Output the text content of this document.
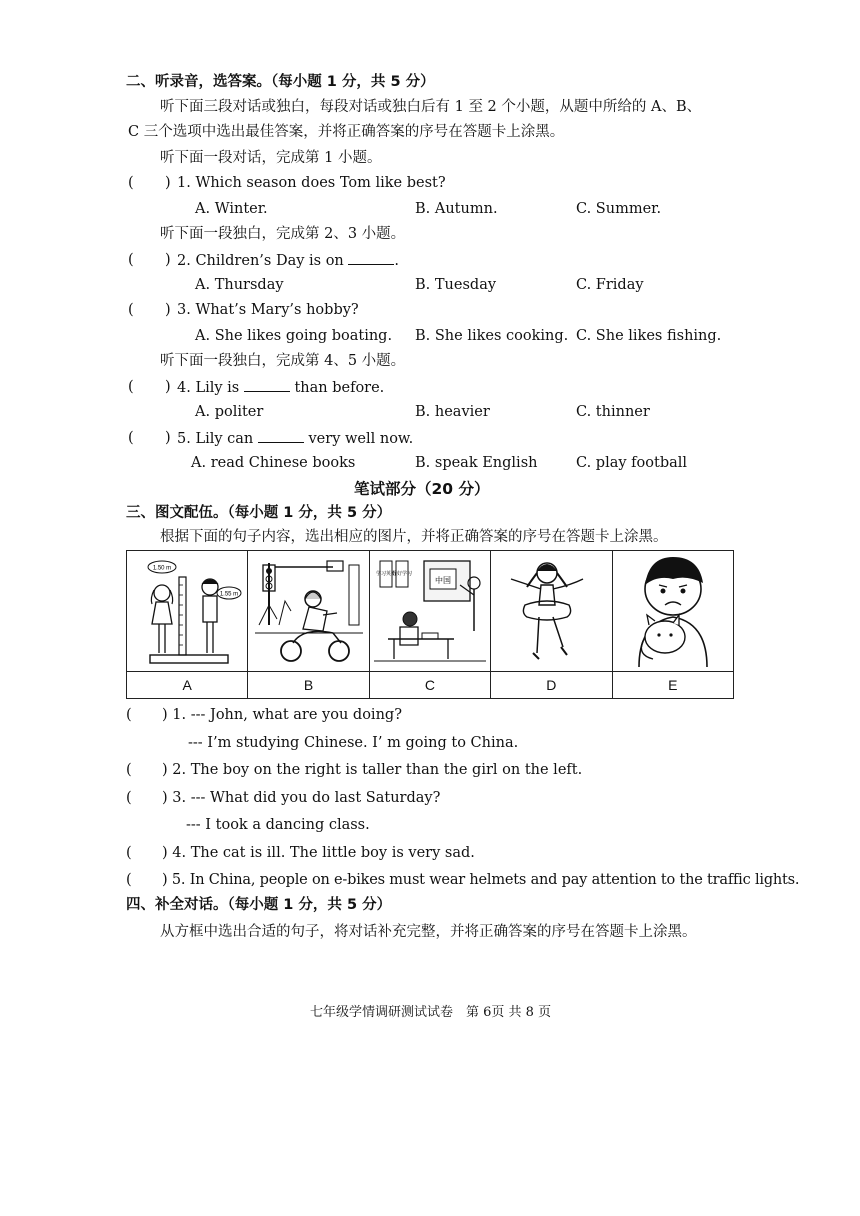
二、听录音，选答案。（每小题 1 分，共 5 分）
听下面三段对话或独白，每段对话或独白后有 1 至 2 个小题，从题中所给的 A、B、
C 三个选项中选出最佳答案，并将正确答案的序号在答题卡上涂黑。
听下面一段对话，完成第 1 小题。
( ) 1. Which season does Tom like best?
A. Winter.	B. Autumn.	C. Summer.
听下面一段独白，完成第 2、3 小题。
( ) 2. Children’s Day is on	.
A. Thursday	B. Tuesday	C. Friday
( ) 3. What’s Mary’s hobby?
A. She likes going boating. B. She likes cooking. C. She likes fishing.
听下面一段独白，完成第 4、5 小题。
( ) 4. Lily is	than before.
A. politer	B. heavier	C. thinner
( ) 5. Lily can	very well now.
A. read Chinese books	B. speak English	C. play football
笔试部分（20 分）
三、图文配伍。（每小题 1 分，共 5 分）
根据下面的句子内容，选出相应的图片，并将正确答案的序号在答题卡上涂黑。
1.50 m
1.55 m		学习英语
好好学习
中国

A	B	C	D	E
( ) 1. --- John, what are you doing?
--- I’m studying Chinese. I’ m going to China.
( ) 2. The boy on the right is taller than the girl on the left.
( ) 3. --- What did you do last Saturday?
--- I took a dancing class.
( ) 4. The cat is ill. The little boy is very sad.
( ) 5. In China, people on e-bikes must wear helmets and pay attention to the traffic lights.
四、补全对话。（每小题 1 分，共 5 分）
从方框中选出合适的句子，将对话补充完整，并将正确答案的序号在答题卡上涂黑。
七年级学情调研测试试卷　第 6页 共 8 页
